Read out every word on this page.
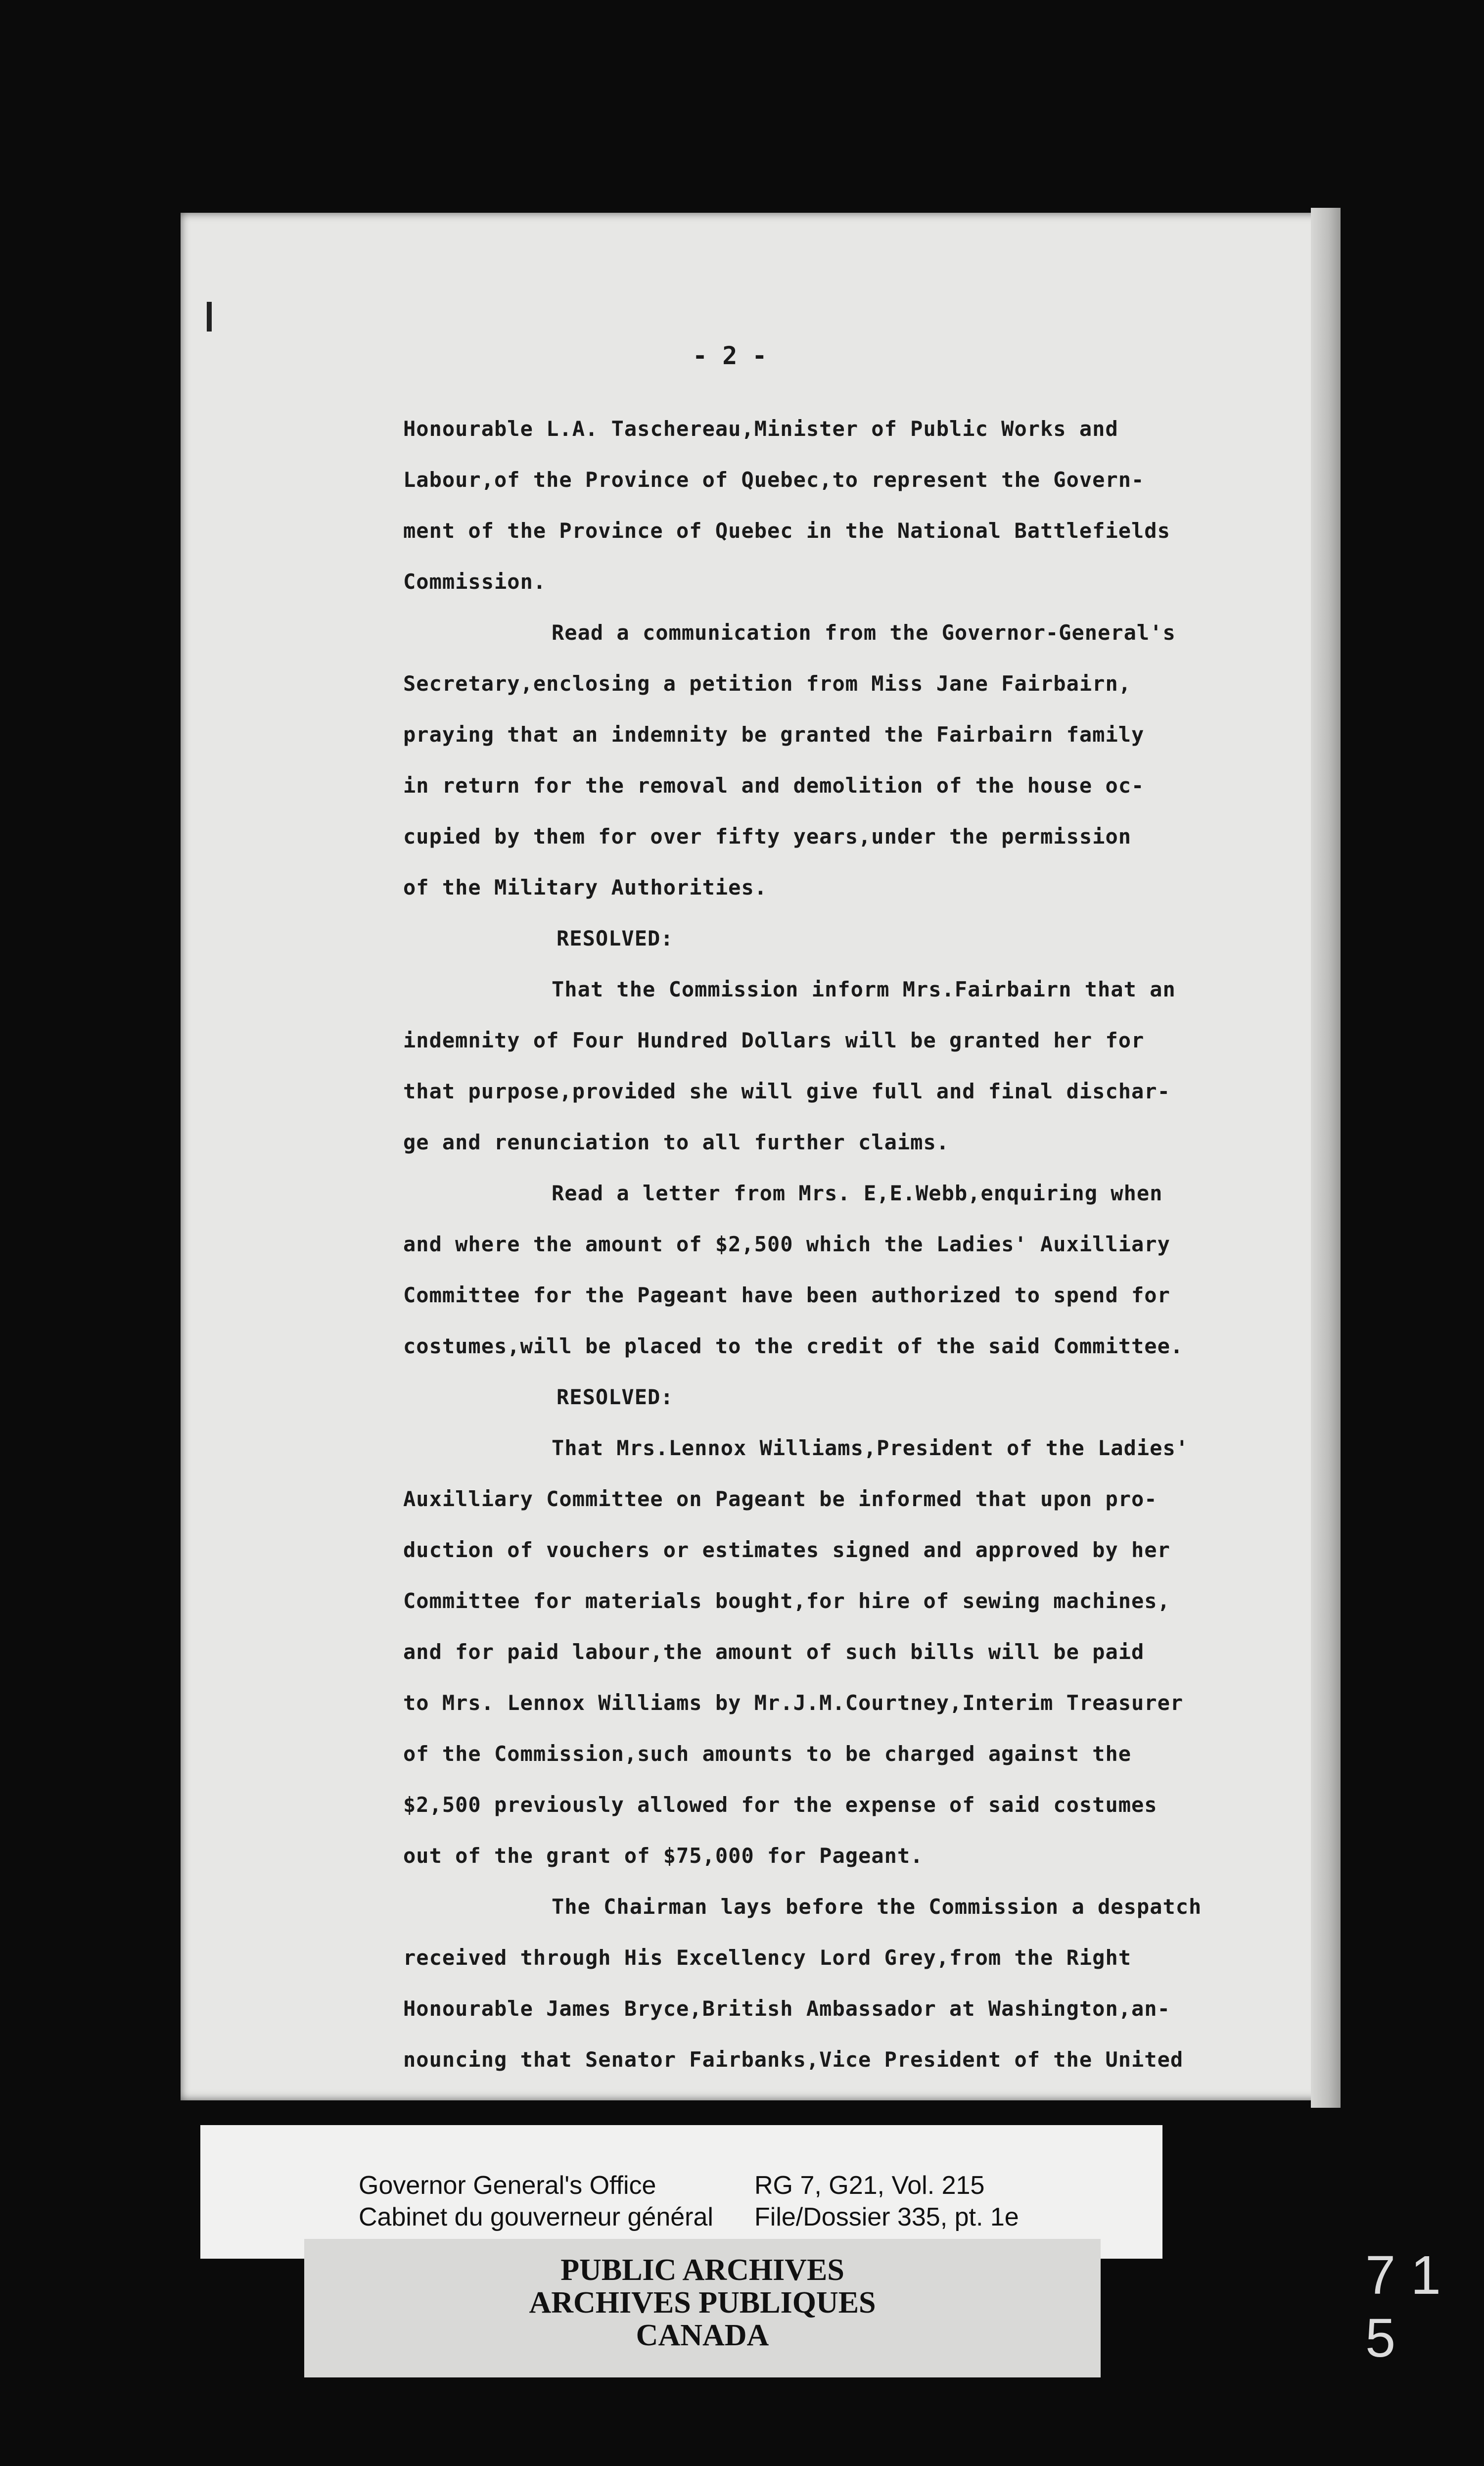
- 2 -
Honourable L.A. Taschereau,Minister of Public Works and
Labour,of the Province of Quebec,to represent the Govern-
ment of the Province of Quebec in the National Battlefields
Commission.
Read a communication from the Governor-General's
Secretary,enclosing a petition from Miss Jane Fairbairn,
praying that an indemnity be granted the Fairbairn family
in return for the removal and demolition of the house oc-
cupied by them for over fifty years,under the permission
of the Military Authorities.
RESOLVED:
That the Commission inform Mrs.Fairbairn that an
indemnity of Four Hundred Dollars will be granted her for
that purpose,provided she will give full and final dischar-
ge and renunciation to all further claims.
Read a letter from Mrs. E,E.Webb,enquiring when
and where the amount of $2,500 which the Ladies' Auxilliary
Committee for the Pageant have been authorized to spend for
costumes,will be placed to the credit of the said Committee.
RESOLVED:
That Mrs.Lennox Williams,President of the Ladies'
Auxilliary Committee on Pageant be informed that upon pro-
duction of vouchers or estimates signed and approved by her
Committee for materials bought,for hire of sewing machines,
and for paid labour,the amount of such bills will be paid
to Mrs. Lennox Williams by Mr.J.M.Courtney,Interim Treasurer
of the Commission,such amounts to be charged against the
$2,500 previously allowed for the expense of said costumes
out of the grant of $75,000 for Pageant.
The Chairman lays before the Commission a despatch
received through His Excellency Lord Grey,from the Right
Honourable James Bryce,British Ambassador at Washington,an-
nouncing that Senator Fairbanks,Vice President of the United
Governor General's Office
Cabinet du gouverneur général
RG 7, G21, Vol. 215
File/Dossier 335, pt. 1e
PUBLIC ARCHIVES
ARCHIVES PUBLIQUES
CANADA
7 1 5
